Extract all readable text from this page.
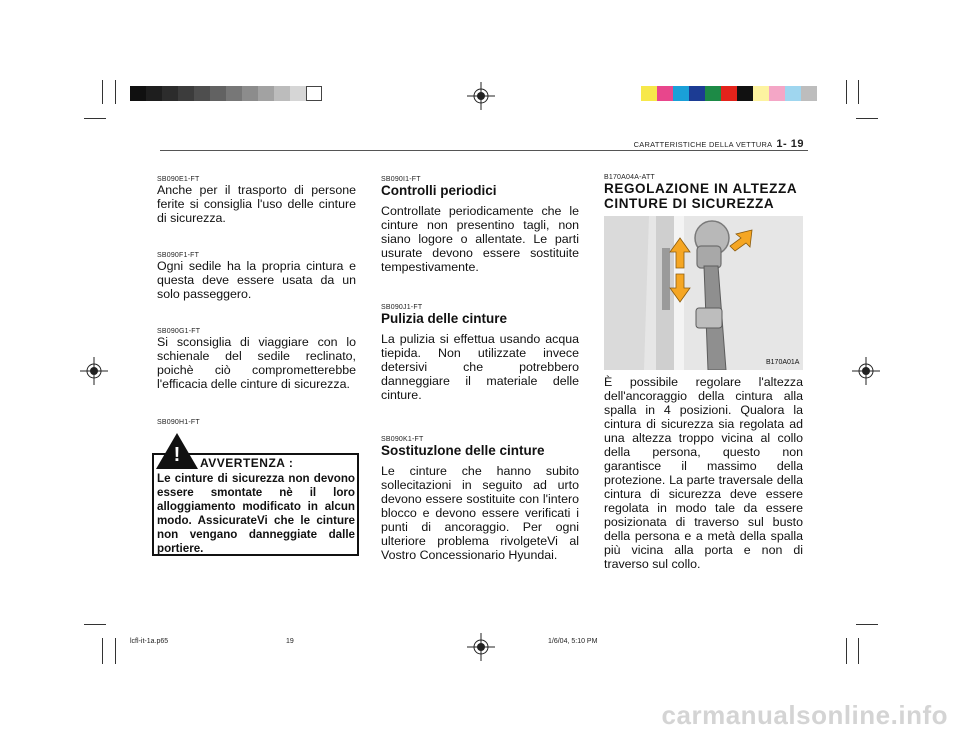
CARATTERISTICHE DELLA VETTURA 1- 19
SB090E1-FT
Anche per il trasporto di persone ferite si consiglia l'uso delle cinture di sicurezza.
SB090F1-FT
Ogni sedile ha la propria cintura e questa deve essere usata da un solo passeggero.
SB090G1-FT
Si sconsiglia di viaggiare con lo schienale del sedile reclinato, poichè ciò comprometterebbe l'efficacia delle cinture di sicurezza.
SB090H1-FT
!	AVVERTENZA :
Le cinture di sicurezza non devono essere smontate nè il loro alloggiamento modificato in alcun modo. AssicurateVi che le cinture non vengano danneggiate dalle portiere.
SB090I1-FT
Controlli periodici
Controllate periodicamente che le cinture non presentino tagli, non siano logore o allentate. Le parti usurate devono essere sostituite tempestivamente.
SB090J1-FT
Pulizia delle cinture
La pulizia si effettua usando acqua tiepida. Non utilizzate invece detersivi che potrebbero danneggiare il materiale delle cinture.
SB090K1-FT
Sostituzlone delle cinture
Le cinture che hanno subito sollecitazioni in seguito ad urto devono essere sostituite con l'intero blocco e devono essere verificati i punti di ancoraggio. Per ogni ulteriore problema rivolgeteVi al Vostro Concessionario Hyundai.
B170A04A-ATT
REGOLAZIONE IN ALTEZZA CINTURE DI SICUREZZA
B170A01A
È possibile regolare l'altezza dell'ancoraggio della cintura alla spalla in 4 posizioni. Qualora la cintura di sicurezza sia regolata ad una altezza troppo vicina al collo della persona, questo non garantisce il massimo della protezione. La parte traversale della cintura di sicurezza deve essere regolata in modo tale da essere posizionata di traverso sul busto della persona e a metà della spalla più vicina alla porta e non di traverso sul collo.
lcfl-it-1a.p65	19	1/6/04, 5:10 PM
carmanualsonline.info
